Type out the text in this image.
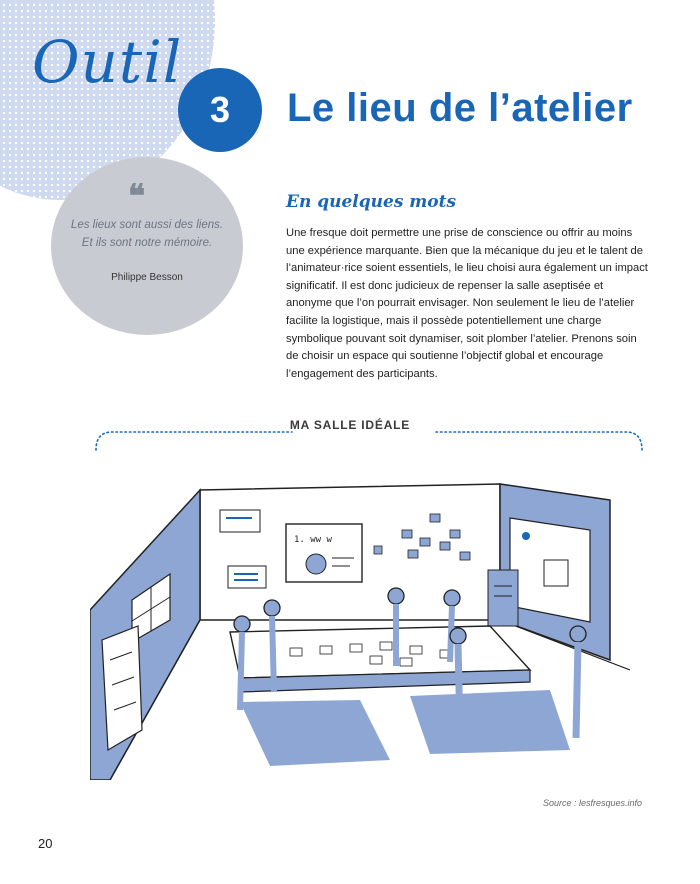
Outil
3 Le lieu de l’atelier
❝
Les lieux sont aussi des liens. Et ils sont notre mémoire.
Philippe Besson
En quelques mots

Une fresque doit permettre une prise de conscience ou offrir au moins une expérience marquante. Bien que la mécanique du jeu et le talent de l’animateur·rice soient essentiels, le lieu choisi aura également un impact significatif. Il est donc judicieux de repenser la salle aseptisée et anonyme que l’on pourrait envisager. Non seulement le lieu de l’atelier facilite la logistique, mais il possède potentiellement une charge symbolique pouvant soit dynamiser, soit plomber l’atelier. Prenons soin de choisir un espace qui soutienne l’objectif global et encourage l’engagement des participants.

MA SALLE IDÉALE
1. ww w
Source : lesfresques.info
20
